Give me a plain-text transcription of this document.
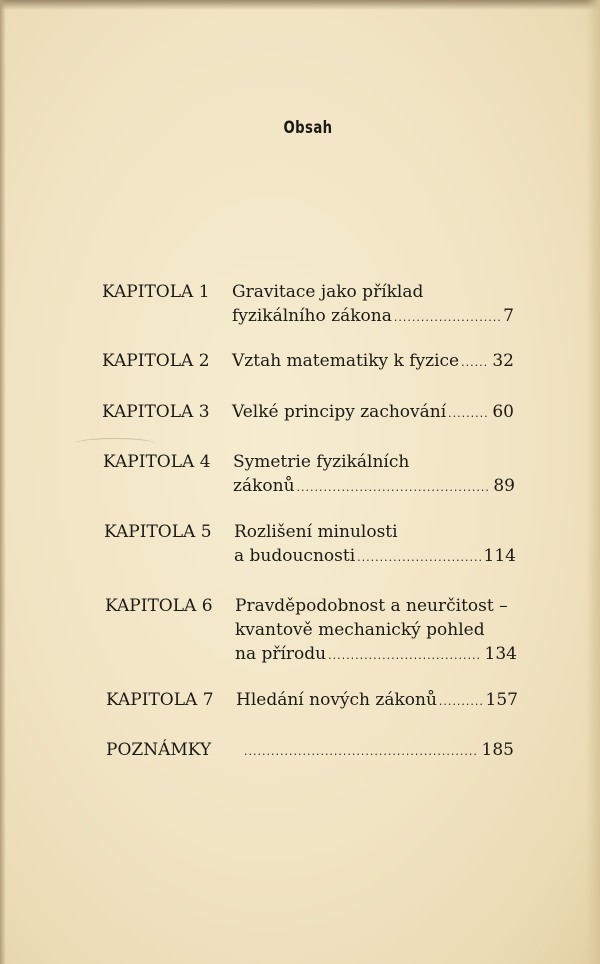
Obsah
KAPITOLA 1	Gravitace jako příklad
fyzikálního zákona .....	7
KAPITOLA 2	Vztah matematiky k fyzice ..... 32
KAPITOLA 3	Velké principy zachování .....	60
KAPITOLA 4	Symetrie fyzikálních
zákonů .....	89
KAPITOLA 5	Rozlišení minulosti
a budoucnosti .....	114
KAPITOLA 6	Pravděpodobnost a neurčitost –
kvantově mechanický pohled
na přírodu .....	134
KAPITOLA 7	Hledání nových zákonů .....	157
POZNÁMKY .....	185
